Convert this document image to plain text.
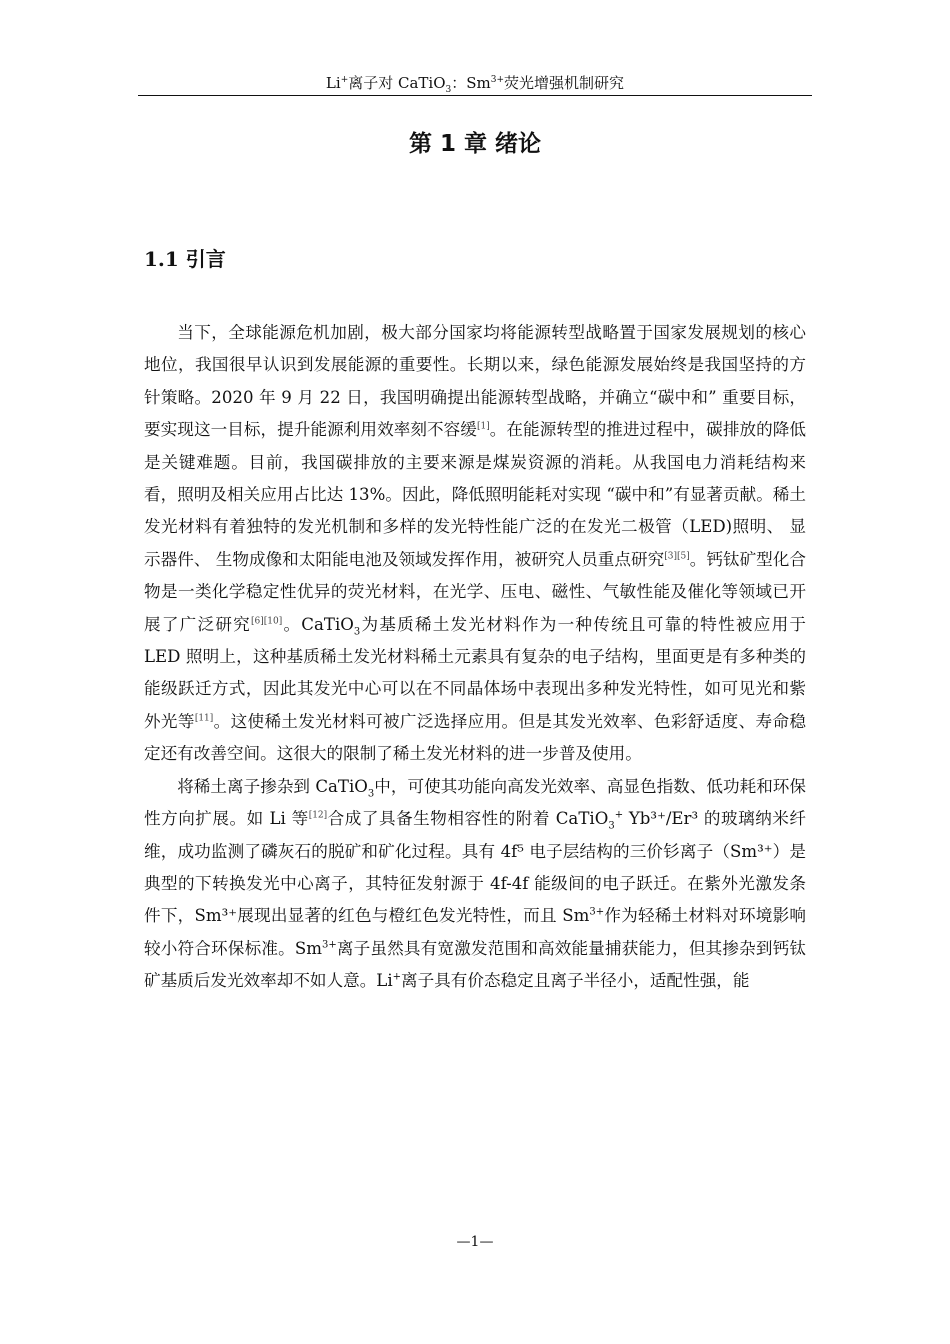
Li+离子对 CaTiO$_3$：$Sm^{3+}$荧光增强机制研究
第 1 章 绪论
1.1 引言

当下，全球能源危机加剧，极大部分国家均将能源转型战略置于国家发展规划的核心地位，我国很早认识到发展能源的重要性。长期以来，绿色能源发展始终是我国坚持的方针策略。2020 年 9 月 22 日，我国明确提出能源转型战略，并确立“碳中和” 重要目标，要实现这一目标，提升能源利用效率刻不容缓[1]。在能源转型的推进过程中，碳排放的降低是关键难题。目前，我国碳排放的主要来源是煤炭资源的消耗。从我国电力消耗结构来看，照明及相关应用占比达 13%。因此，降低照明能耗对实现 “碳中和”有显著贡献。稀土发光材料有着独特的发光机制和多样的发光特性能广泛的在发光二极管（LED)照明、 显示器件、 生物成像和太阳能电池及领域发挥作用，被研究人员重点研究[3][5]。钙钛矿型化合物是一类化学稳定性优异的荧光材料，在光学、压电、磁性、气敏性能及催化等领域已开展了广泛研究[6][10]。CaTiO$_3$为基质稀土发光材料作为一种传统且可靠的特性被应用于 LED 照明上，这种基质稀土发光材料稀土元素具有复杂的电子结构，里面更是有多种类的能级跃迁方式，因此其发光中心可以在不同晶体场中表现出多种发光特性，如可见光和紫外光等[11]。这使稀土发光材料可被广泛选择应用。但是其发光效率、色彩舒适度、寿命稳定还有改善空间。这很大的限制了稀土发光材料的进一步普及使用。

将稀土离子掺杂到 CaTiO$_3$中，可使其功能向高发光效率、高显色指数、低功耗和环保性方向扩展。如 Li 等[12]合成了具备生物相容性的附着 CaTiO$_3$+ Yb³⁺/Er³ 的玻璃纳米纤维，成功监测了磷灰石的脱矿和矿化过程。具有 4f⁵ 电子层结构的三价钐离子（Sm³⁺）是典型的下转换发光中心离子，其特征发射源于 4f-4f 能级间的电子跃迁。在紫外光激发条件下，Sm³⁺展现出显著的红色与橙红色发光特性，而且 $Sm^{3+}$作为轻稀土材料对环境影响较小符合环保标准。$Sm^{3+}$离子虽然具有宽激发范围和高效能量捕获能力，但其掺杂到钙钛矿基质后发光效率却不如人意。Li+离子具有价态稳定且离子半径小，适配性强，能

—1—
